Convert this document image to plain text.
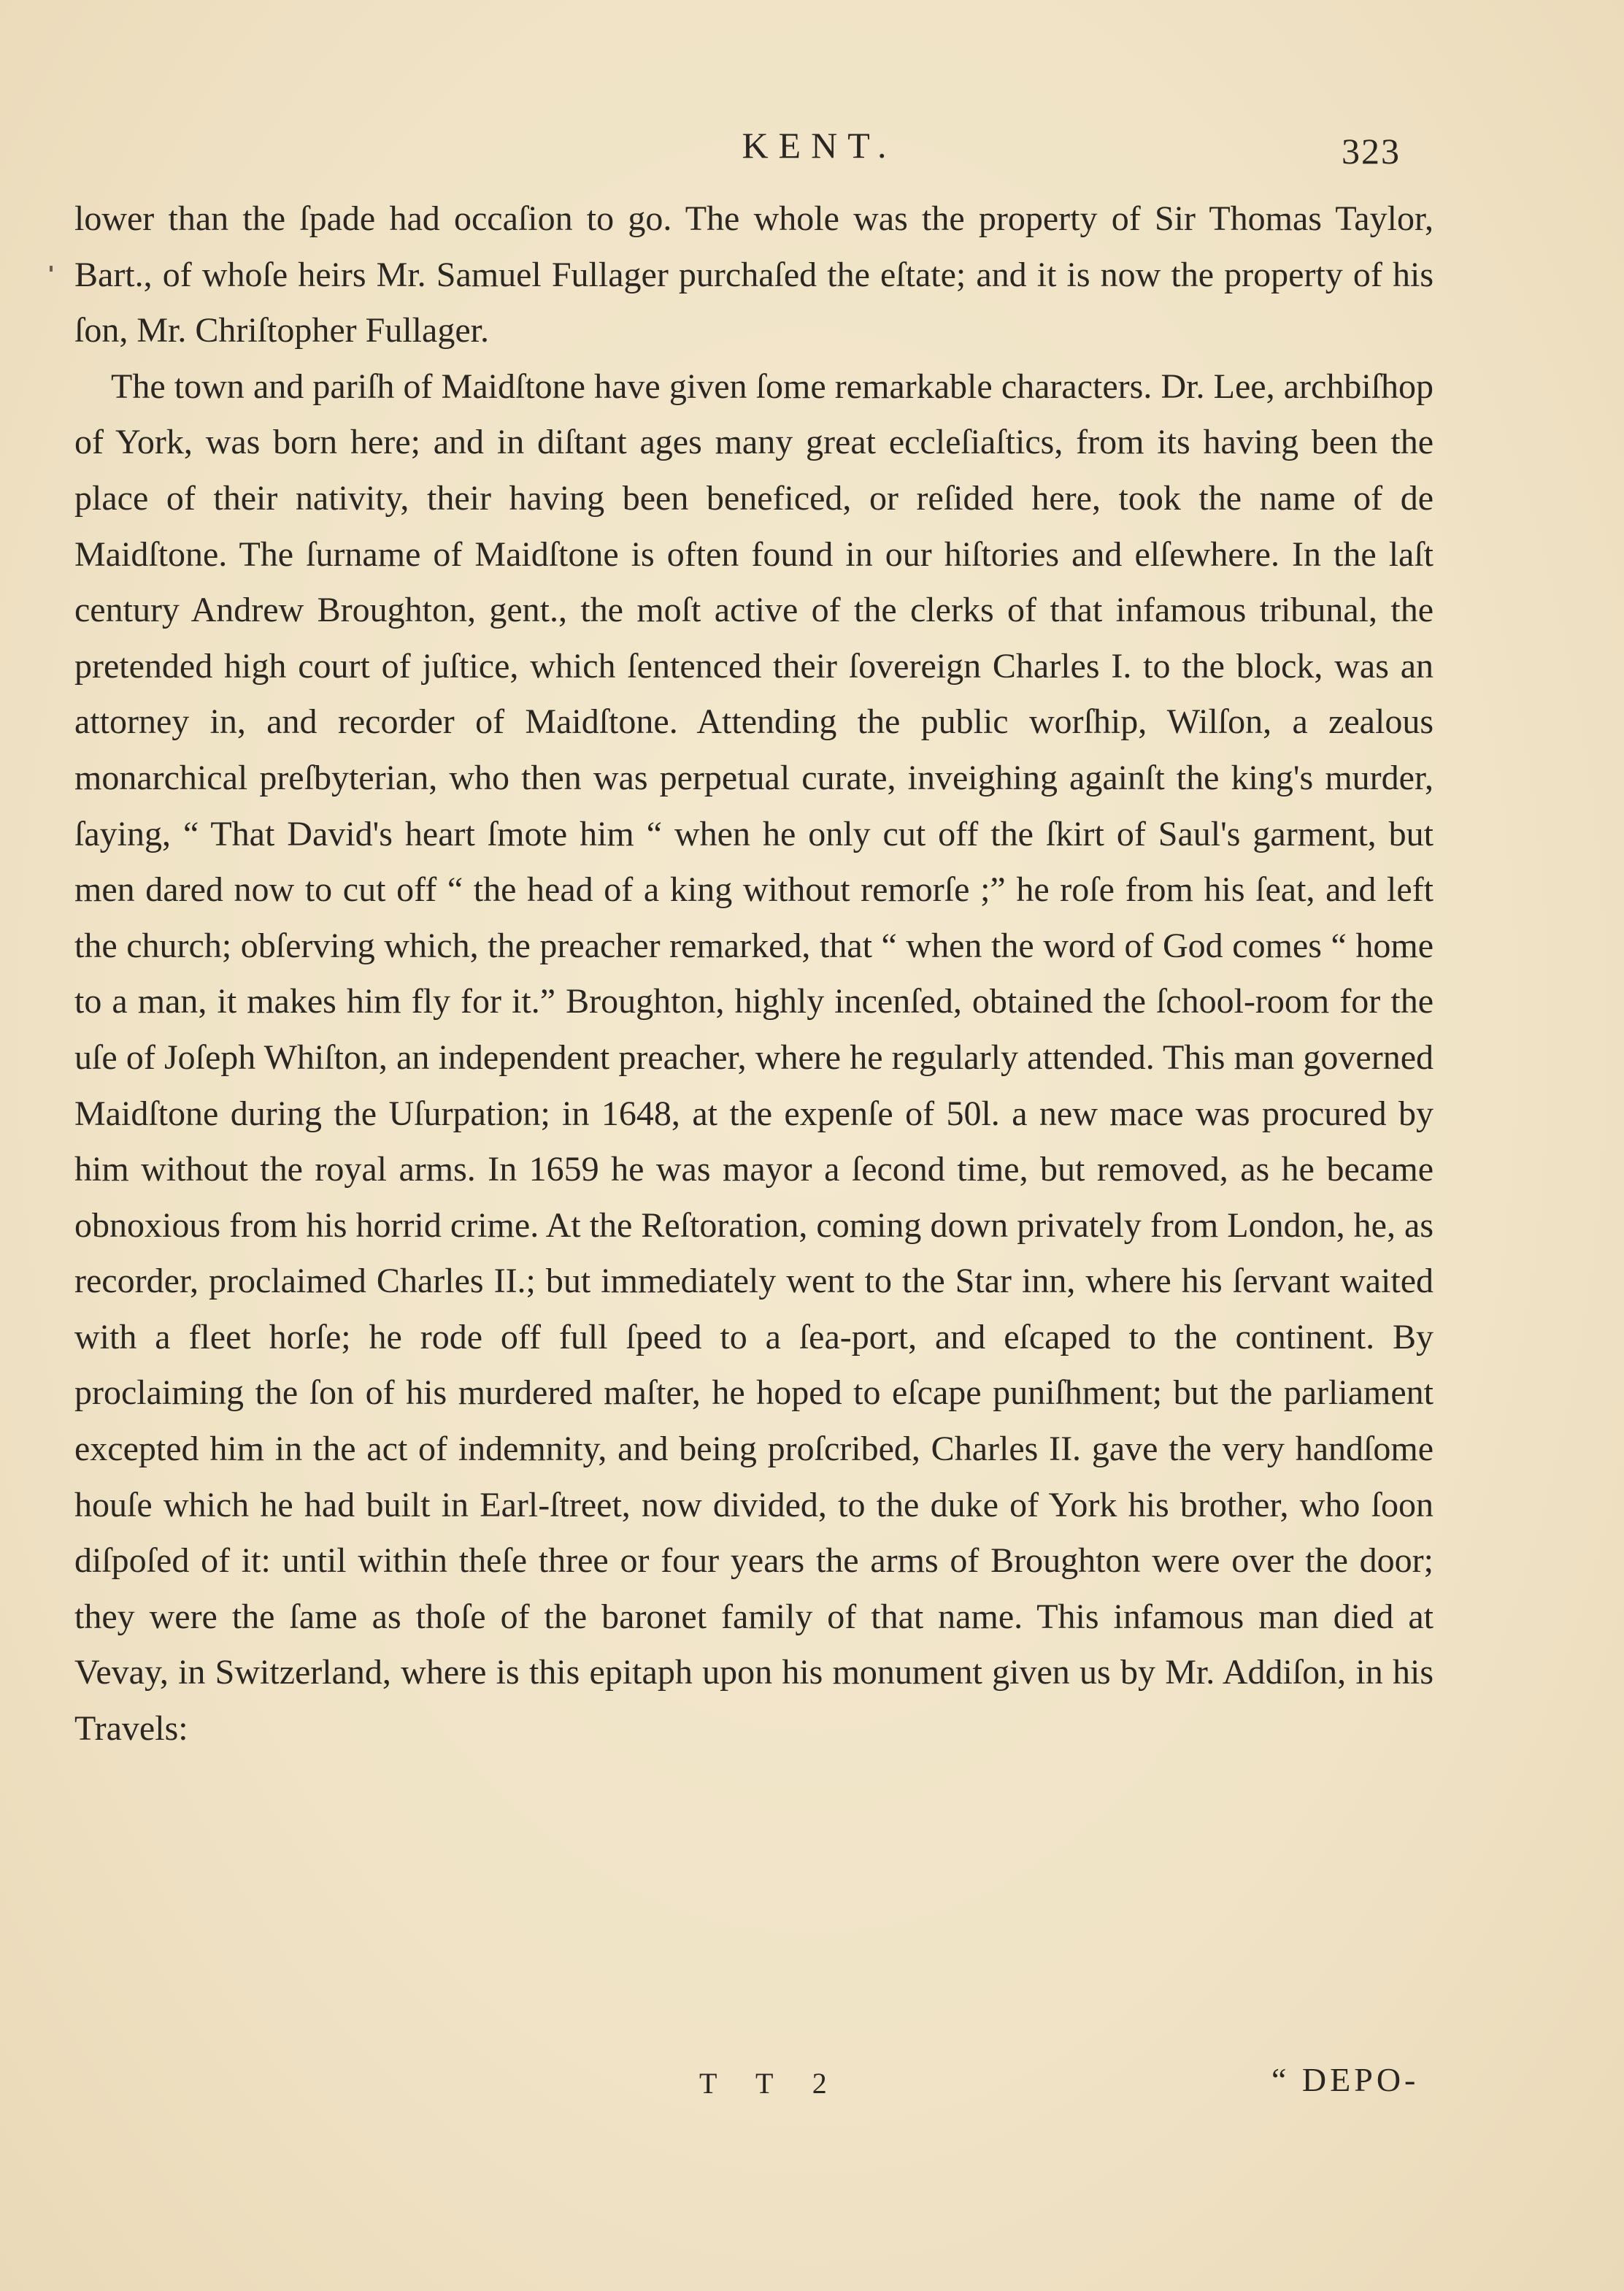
KENT.	323

lower than the ſpade had occaſion to go. The whole was the property of Sir Thomas Taylor, Bart., of whoſe heirs Mr. Samuel Fullager purchaſed the eſtate; and it is now the property of his ſon, Mr. Chriſtopher Fullager.

The town and pariſh of Maidſtone have given ſome remarkable characters. Dr. Lee, archbiſhop of York, was born here; and in diſtant ages many great eccleſiaſtics, from its having been the place of their nativity, their having been beneficed, or reſided here, took the name of de Maidſtone. The ſurname of Maidſtone is often found in our hiſtories and elſewhere. In the laſt century Andrew Broughton, gent., the moſt active of the clerks of that infamous tribunal, the pretended high court of juſtice, which ſentenced their ſovereign Charles I. to the block, was an attorney in, and recorder of Maidſtone. Attending the public worſhip, Wilſon, a zealous monarchical preſbyterian, who then was perpetual curate, inveighing againſt the king's murder, ſaying, “ That David's heart ſmote him “ when he only cut off the ſkirt of Saul's garment, but men dared now to cut off “ the head of a king without remorſe ;” he roſe from his ſeat, and left the church; obſerving which, the preacher remarked, that “ when the word of God comes “ home to a man, it makes him fly for it.” Broughton, highly incenſed, obtained the ſchool-room for the uſe of Joſeph Whiſton, an independent preacher, where he regularly attended. This man governed Maidſtone during the Uſurpation; in 1648, at the expenſe of 50l. a new mace was procured by him without the royal arms. In 1659 he was mayor a ſecond time, but removed, as he became obnoxious from his horrid crime. At the Reſtoration, coming down privately from London, he, as recorder, proclaimed Charles II.; but immediately went to the Star inn, where his ſervant waited with a fleet horſe; he rode off full ſpeed to a ſea-port, and eſcaped to the continent. By proclaiming the ſon of his murdered maſter, he hoped to eſcape puniſhment; but the parliament excepted him in the act of indemnity, and being proſcribed, Charles II. gave the very handſome houſe which he had built in Earl-ſtreet, now divided, to the duke of York his brother, who ſoon diſpoſed of it: until within theſe three or four years the arms of Broughton were over the door; they were the ſame as thoſe of the baronet family of that name. This infamous man died at Vevay, in Switzerland, where is this epitaph upon his monument given us by Mr. Addiſon, in his Travels:

T T 2	“ DEPO-
